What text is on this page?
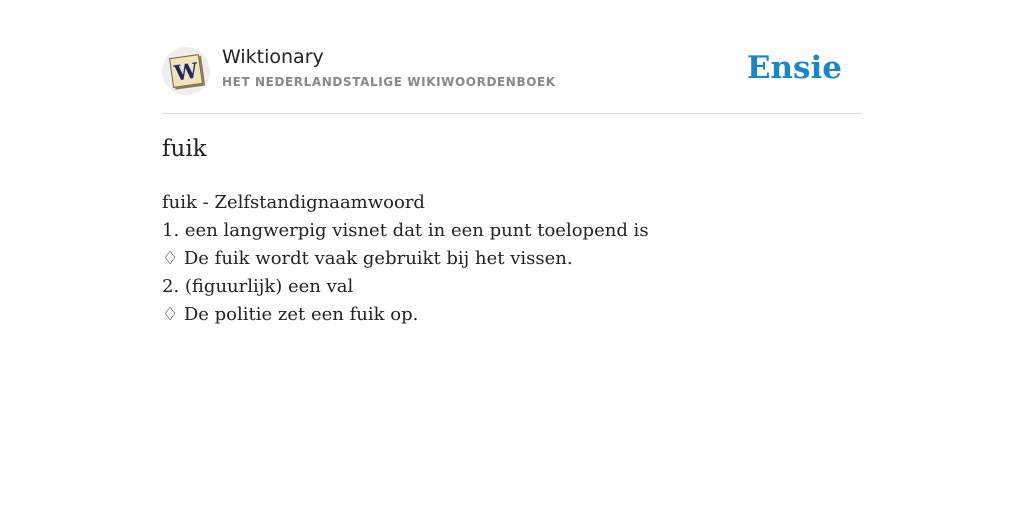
W Wiktionary
HET NEDERLANDSTALIGE WIKIWOORDENBOEK	Ensie
fuik
fuik - Zelfstandignaamwoord
1. een langwerpig visnet dat in een punt toelopend is
♢ De fuik wordt vaak gebruikt bij het vissen.
2. (figuurlijk) een val
♢ De politie zet een fuik op.
